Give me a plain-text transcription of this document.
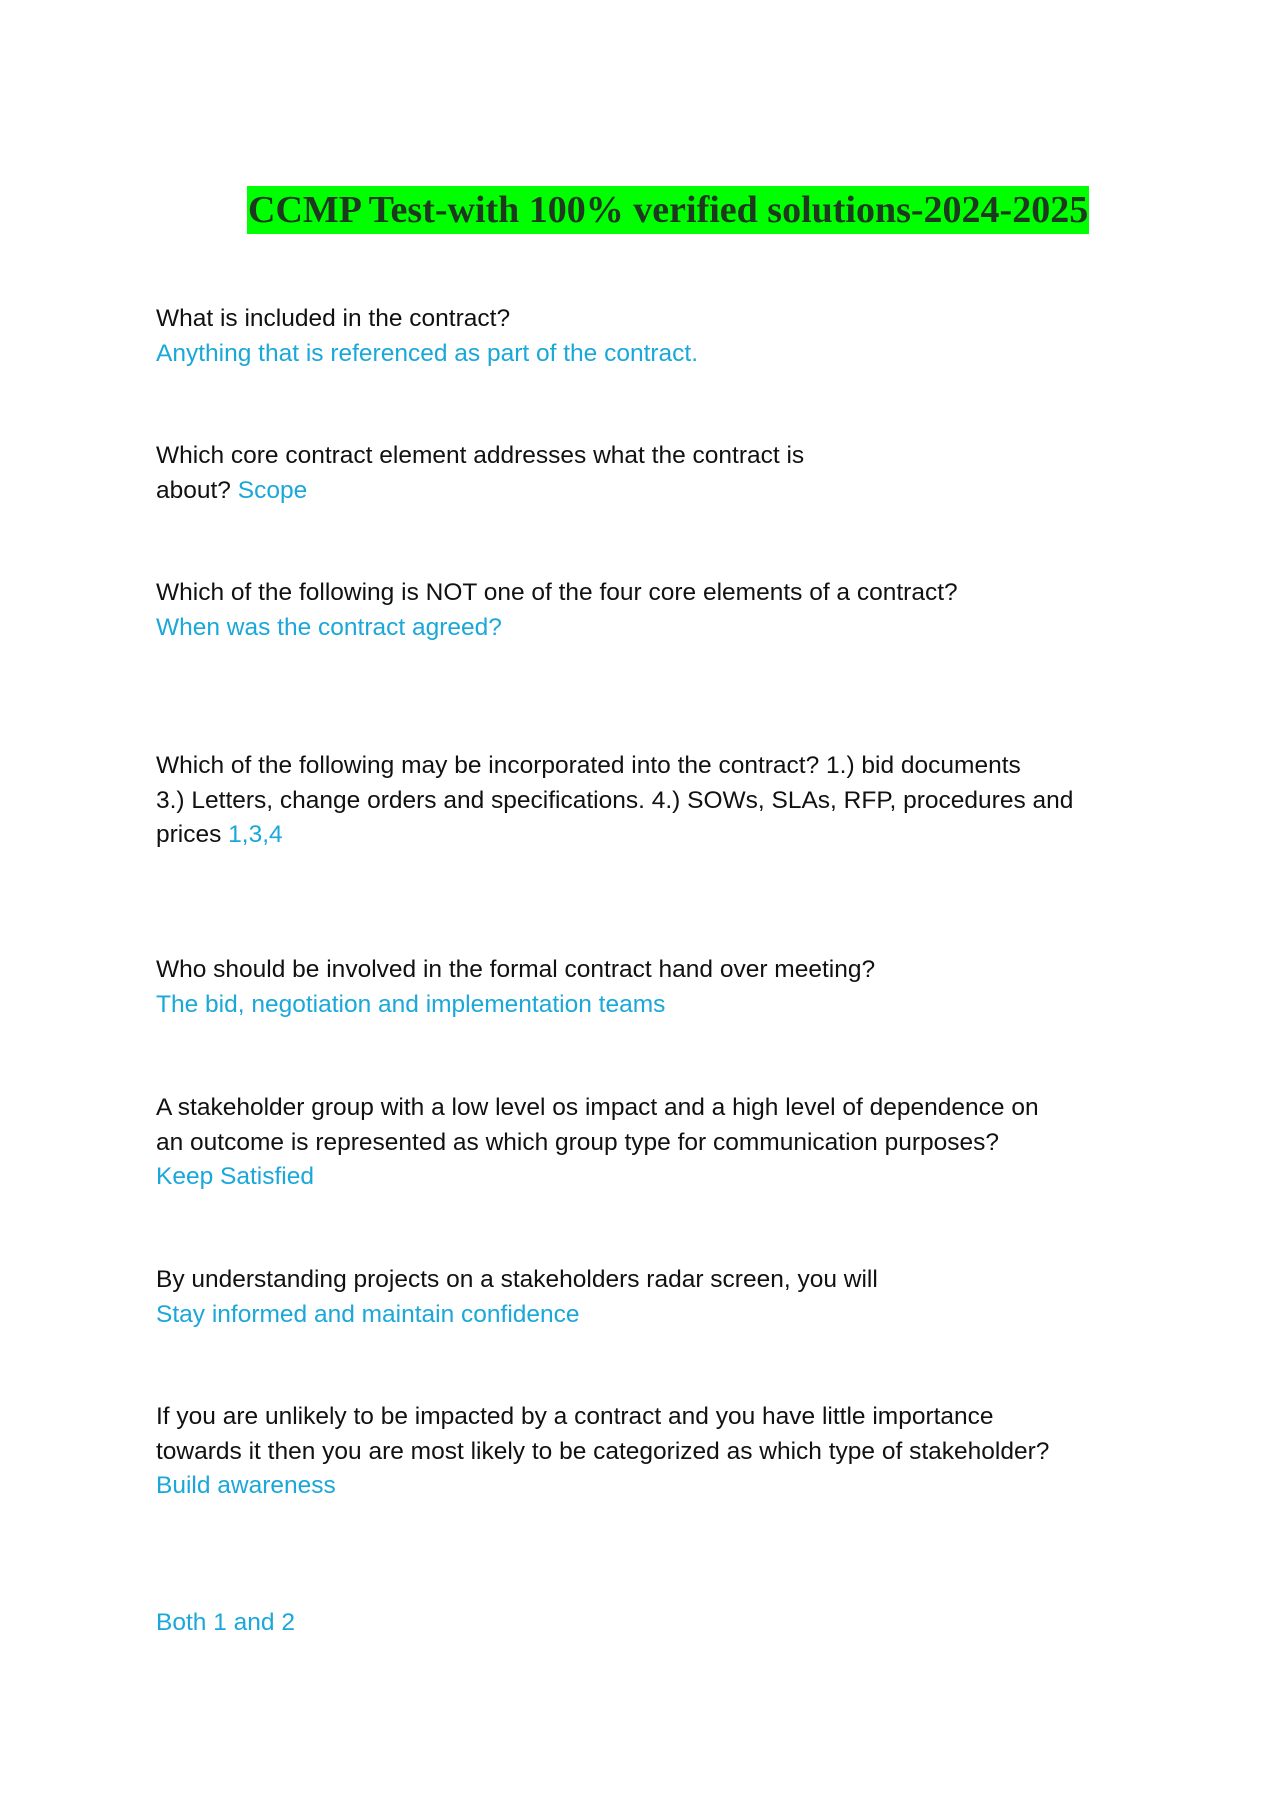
CCMP Test-with 100% verified solutions-2024-2025
What is included in the contract?
Anything that is referenced as part of the contract.
Which core contract element addresses what the contract is
about? Scope
Which of the following is NOT one of the four core elements of a contract?
When was the contract agreed?
Which of the following may be incorporated into the contract? 1.) bid documents
3.) Letters, change orders and specifications. 4.) SOWs, SLAs, RFP, procedures and
prices 1,3,4
Who should be involved in the formal contract hand over meeting?
The bid, negotiation and implementation teams
A stakeholder group with a low level os impact and a high level of dependence on
an outcome is represented as which group type for communication purposes?
Keep Satisfied
By understanding projects on a stakeholders radar screen, you will
Stay informed and maintain confidence
If you are unlikely to be impacted by a contract and you have little importance
towards it then you are most likely to be categorized as which type of stakeholder?
Build awareness
Both 1 and 2
